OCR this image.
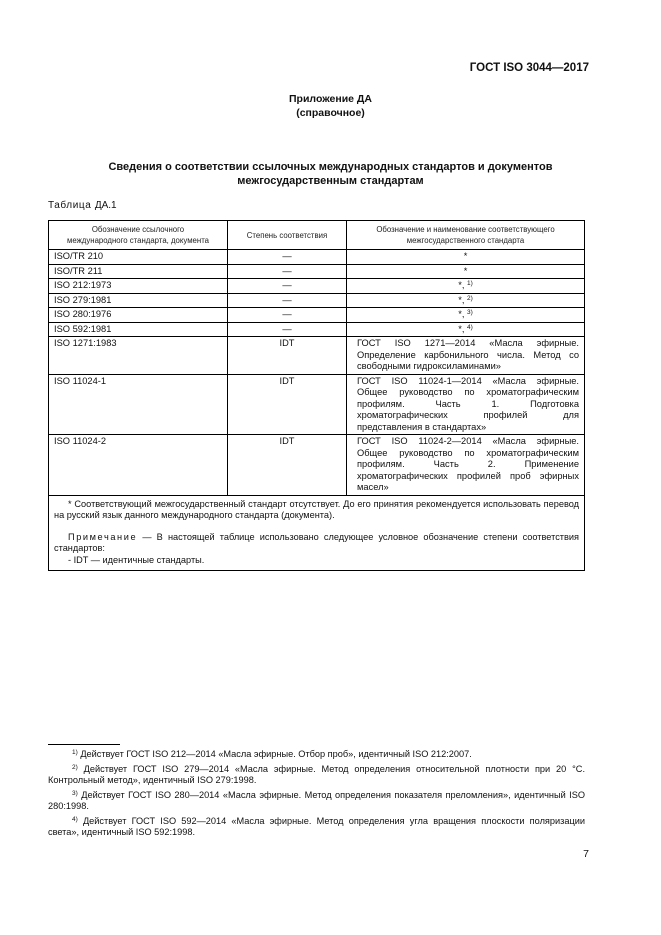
ГОСТ ISO 3044—2017
Приложение ДА
(справочное)
Сведения о соответствии ссылочных международных стандартов и документов
межгосударственным стандартам
Таблица ДА.1
Обозначение ссылочного
международного стандарта, документа	Степень соответствия	Обозначение и наименование соответствующего
межгосударственного стандарта
ISO/TR 210	—	*
ISO/TR 211	—	*
ISO 212:1973	—	*, $^{1)}$
ISO 279:1981	—	*, $^{2)}$
ISO 280:1976	—	*, $^{3)}$
ISO 592:1981	—	*, $^{4)}$
ISO 1271:1983	IDT	ГОСТ ISO 1271—2014 «Масла эфирные. Определение карбонильного числа. Метод со свободными гидроксиламинами»
ISO 11024-1	IDT	ГОСТ ISO 11024-1—2014 «Масла эфирные. Общее руководство по хроматографическим профилям. Часть 1. Подготовка хроматографических профилей для представления в стандартах»
ISO 11024-2	IDT	ГОСТ ISO 11024-2—2014 «Масла эфирные. Общее руководство по хроматографическим профилям. Часть 2. Применение хроматографических профилей проб эфирных масел»

* Соответствующий межгосударственный стандарт отсутствует. До его принятия рекомендуется использовать перевод на русский язык данного международного стандарта (документа).
Примечание — В настоящей таблице использовано следующее условное обозначение степени соответствия стандартов:
- IDT — идентичные стандарты.		

$^{1)}$ Действует ГОСТ ISO 212—2014 «Масла эфирные. Отбор проб», идентичный ISO 212:2007.

$^{2)}$ Действует ГОСТ ISO 279—2014 «Масла эфирные. Метод определения относительной плотности при 20 °С. Контрольный метод», идентичный ISO 279:1998.

$^{3)}$ Действует ГОСТ ISO 280—2014 «Масла эфирные. Метод определения показателя преломления», идентичный ISO 280:1998.

$^{4)}$ Действует ГОСТ ISO 592—2014 «Масла эфирные. Метод определения угла вращения плоскости поляризации света», идентичный ISO 592:1998.

7
